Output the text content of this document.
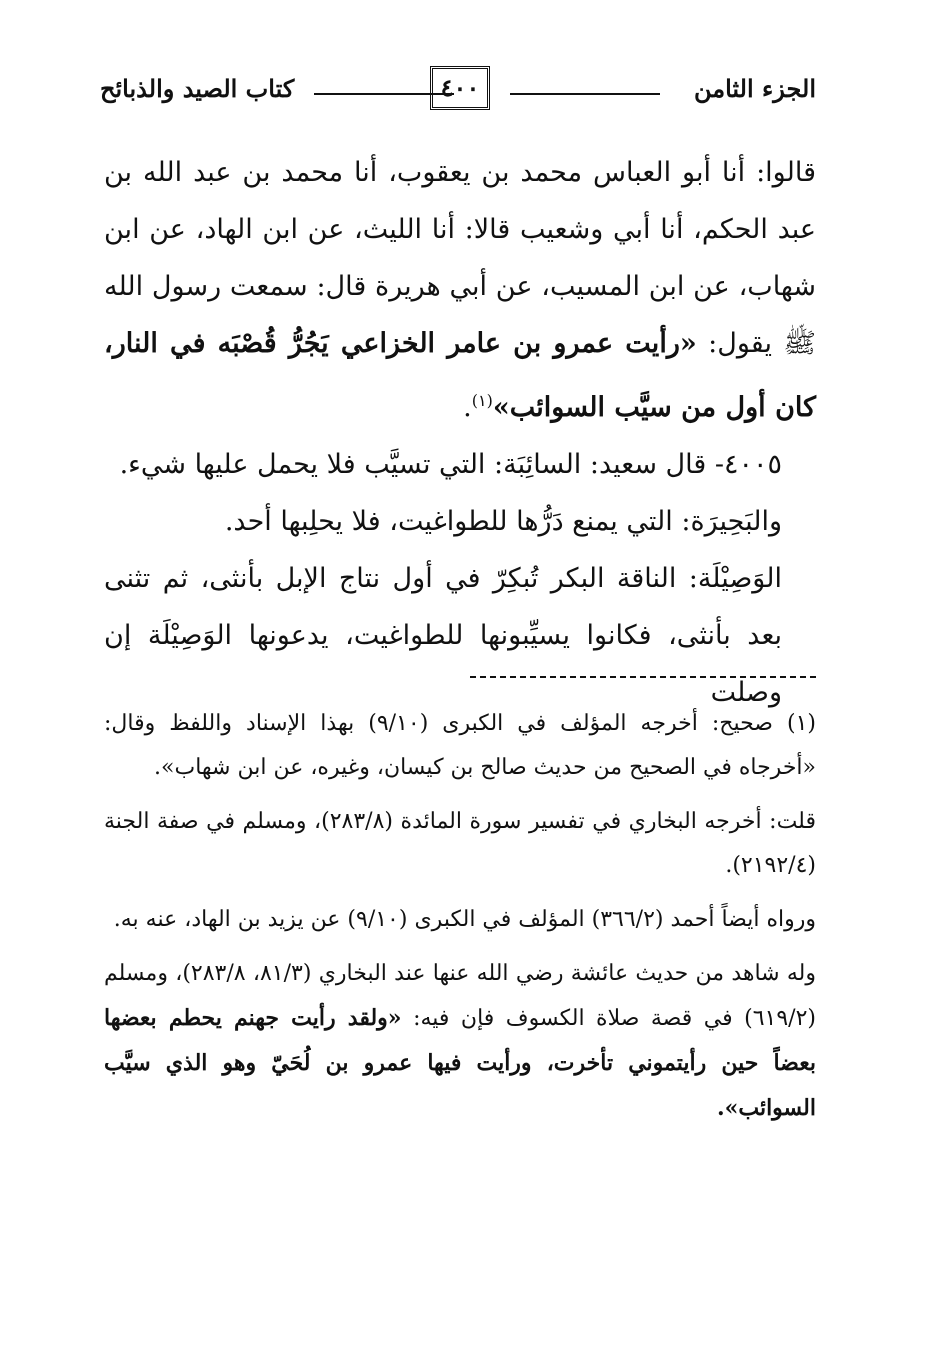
الجزء الثامن
٤٠٠
كتاب الصيد والذبائح

قالوا: أنا أبو العباس محمد بن يعقوب، أنا محمد بن عبد الله بن عبد الحكم، أنا أبي وشعيب قالا: أنا الليث، عن ابن الهاد، عن ابن شهاب، عن ابن المسيب، عن أبي هريرة قال: سمعت رسول الله ﷺ يقول: «رأيت عمرو بن عامر الخزاعي يَجُرُّ قُصْبَه في النار، كان أول من سيَّب السوائب»$^{(١)}$.

٤٠٠٥- قال سعيد: السائِبَة: التي تسيَّب فلا يحمل عليها شيء.

والبَحِيرَة: التي يمنع دَرُّها للطواغيت، فلا يحلِبها أحد.

الوَصِيْلَة: الناقة البكر تُبكِرّ في أول نتاج الإبل بأنثى، ثم تثنى بعد بأنثى، فكانوا يسيِّبونها للطواغيت، يدعونها الوَصِيْلَة إن وصلت

(١) صحيح: أخرجه المؤلف في الكبرى (٩/١٠) بهذا الإسناد واللفظ وقال: «أخرجاه في الصحيح من حديث صالح بن كيسان، وغيره، عن ابن شهاب».

قلت: أخرجه البخاري في تفسير سورة المائدة (٢٨٣/٨)، ومسلم في صفة الجنة (٢١٩٢/٤).

ورواه أيضاً أحمد (٣٦٦/٢) المؤلف في الكبرى (٩/١٠) عن يزيد بن الهاد، عنه به.

وله شاهد من حديث عائشة رضي الله عنها عند البخاري (٨١/٣، ٢٨٣/٨)، ومسلم (٦١٩/٢) في قصة صلاة الكسوف فإن فيه: «ولقد رأيت جهنم يحطم بعضها بعضاً حين رأيتموني تأخرت، ورأيت فيها عمرو بن لُحَيّ وهو الذي سيَّب السوائب».
